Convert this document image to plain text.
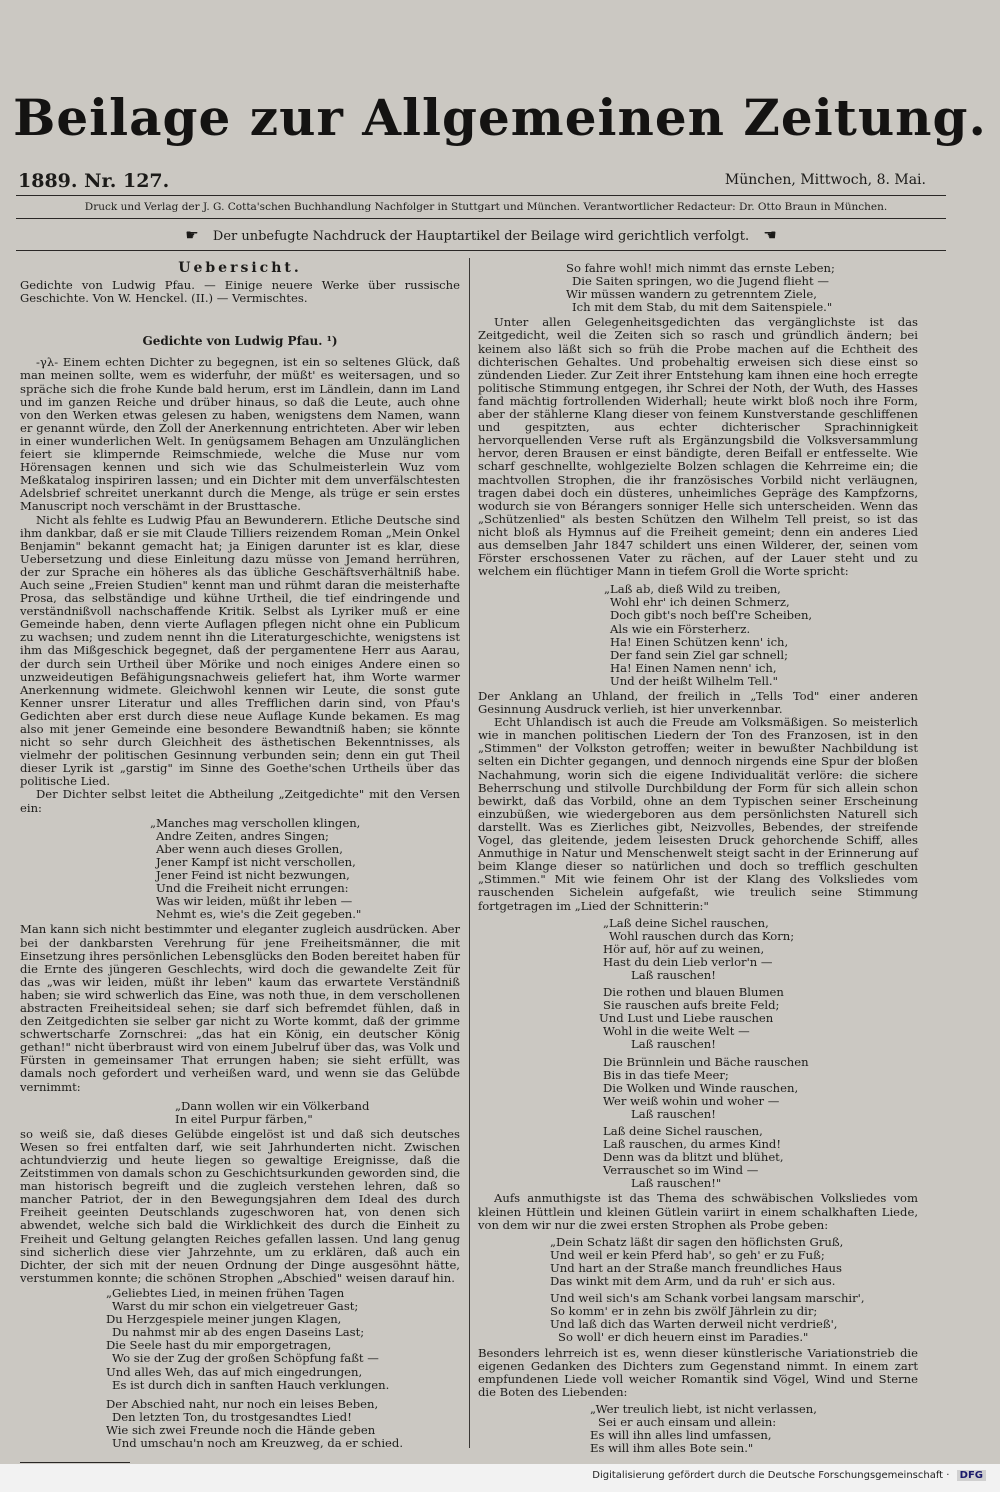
Beilage zur Allgemeinen Zeitung.
1889. Nr. 127.	München, Mittwoch, 8. Mai.
Druck und Verlag der J. G. Cotta'schen Buchhandlung Nachfolger in Stuttgart und München. Verantwortlicher Redacteur: Dr. Otto Braun in München.
☛ Der unbefugte Nachdruck der Hauptartikel der Beilage wird gerichtlich verfolgt. ☚
Uebersicht.

Gedichte von Ludwig Pfau. — Einige neuere Werke über russische Geschichte. Von W. Henckel. (II.) — Vermischtes.

Gedichte von Ludwig Pfau. ¹)

-γλ- Einem echten Dichter zu begegnen, ist ein so seltenes Glück, daß man meinen sollte, wem es widerfuhr, der müßt' es weitersagen, und so spräche sich die frohe Kunde bald herum, erst im Ländlein, dann im Land und im ganzen Reiche und drüber hinaus, so daß die Leute, auch ohne von den Werken etwas gelesen zu haben, wenigstens dem Namen, wann er genannt würde, den Zoll der Anerkennung entrichteten. Aber wir leben in einer wunderlichen Welt. In genügsamem Behagen am Unzulänglichen feiert sie klimpernde Reimschmiede, welche die Muse nur vom Hörensagen kennen und sich wie das Schulmeisterlein Wuz vom Meßkatalog inspiriren lassen; und ein Dichter mit dem unverfälschtesten Adelsbrief schreitet unerkannt durch die Menge, als trüge er sein erstes Manuscript noch verschämt in der Brusttasche.

Nicht als fehlte es Ludwig Pfau an Bewunderern. Etliche Deutsche sind ihm dankbar, daß er sie mit Claude Tilliers reizendem Roman „Mein Onkel Benjamin" bekannt gemacht hat; ja Einigen darunter ist es klar, diese Uebersetzung und diese Einleitung dazu müsse von Jemand herrühren, der zur Sprache ein höheres als das übliche Geschäftsverhältniß habe. Auch seine „Freien Studien" kennt man und rühmt daran die meisterhafte Prosa, das selbständige und kühne Urtheil, die tief eindringende und verständnißvoll nachschaffende Kritik. Selbst als Lyriker muß er eine Gemeinde haben, denn vierte Auflagen pflegen nicht ohne ein Publicum zu wachsen; und zudem nennt ihn die Literaturgeschichte, wenigstens ist ihm das Mißgeschick begegnet, daß der pergamentene Herr aus Aarau, der durch sein Urtheil über Mörike und noch einiges Andere einen so unzweideutigen Befähigungsnachweis geliefert hat, ihm Worte warmer Anerkennung widmete. Gleichwohl kennen wir Leute, die sonst gute Kenner unsrer Literatur und alles Trefflichen darin sind, von Pfau's Gedichten aber erst durch diese neue Auflage Kunde bekamen. Es mag also mit jener Gemeinde eine besondere Bewandtniß haben; sie könnte nicht so sehr durch Gleichheit des ästhetischen Bekenntnisses, als vielmehr der politischen Gesinnung verbunden sein; denn ein gut Theil dieser Lyrik ist „garstig" im Sinne des Goethe'schen Urtheils über das politische Lied.

Der Dichter selbst leitet die Abtheilung „Zeitgedichte" mit den Versen ein:

„Manches mag verschollen klingen,
Andre Zeiten, andres Singen;
Aber wenn auch dieses Grollen,
Jener Kampf ist nicht verschollen,
Jener Feind ist nicht bezwungen,
Und die Freiheit nicht errungen:
Was wir leiden, müßt ihr leben —
Nehmt es, wie's die Zeit gegeben."

Man kann sich nicht bestimmter und eleganter zugleich ausdrücken. Aber bei der dankbarsten Verehrung für jene Freiheitsmänner, die mit Einsetzung ihres persönlichen Lebensglücks den Boden bereitet haben für die Ernte des jüngeren Geschlechts, wird doch die gewandelte Zeit für das „was wir leiden, müßt ihr leben" kaum das erwartete Verständniß haben; sie wird schwerlich das Eine, was noth thue, in dem verschollenen abstracten Freiheitsideal sehen; sie darf sich befremdet fühlen, daß in den Zeitgedichten sie selber gar nicht zu Worte kommt, daß der grimme schwertscharfe Zornschrei: „das hat ein König, ein deutscher König gethan!" nicht überbraust wird von einem Jubelruf über das, was Volk und Fürsten in gemeinsamer That errungen haben; sie sieht erfüllt, was damals noch gefordert und verheißen ward, und wenn sie das Gelübde vernimmt:

„Dann wollen wir ein Völkerband
In eitel Purpur färben,"

so weiß sie, daß dieses Gelübde eingelöst ist und daß sich deutsches Wesen so frei entfalten darf, wie seit Jahrhunderten nicht. Zwischen achtundvierzig und heute liegen so gewaltige Ereignisse, daß die Zeitstimmen von damals schon zu Geschichtsurkunden geworden sind, die man historisch begreift und die zugleich verstehen lehren, daß so mancher Patriot, der in den Bewegungsjahren dem Ideal des durch Freiheit geeinten Deutschlands zugeschworen hat, von denen sich abwendet, welche sich bald die Wirklichkeit des durch die Einheit zu Freiheit und Geltung gelangten Reiches gefallen lassen. Und lang genug sind sicherlich diese vier Jahrzehnte, um zu erklären, daß auch ein Dichter, der sich mit der neuen Ordnung der Dinge ausgesöhnt hätte, verstummen konnte; die schönen Strophen „Abschied" weisen darauf hin.

„Geliebtes Lied, in meinen frühen Tagen
Warst du mir schon ein vielgetreuer Gast;
Du Herzgespiele meiner jungen Klagen,
Du nahmst mir ab des engen Daseins Last;
Die Seele hast du mir emporgetragen,
Wo sie der Zug der großen Schöpfung faßt —
Und alles Weh, das auf mich eingedrungen,
Es ist durch dich in sanften Hauch verklungen.
Der Abschied naht, nur noch ein leises Beben,
Den letzten Ton, du trostgesandtes Lied!
Wie sich zwei Freunde noch die Hände geben
Und umschau'n noch am Kreuzweg, da er schied.
So fahre wohl! mich nimmt das ernste Leben;
Die Saiten springen, wo die Jugend flieht —
Wir müssen wandern zu getrenntem Ziele,
Ich mit dem Stab, du mit dem Saitenspiele."

Unter allen Gelegenheitsgedichten das vergänglichste ist das Zeitgedicht, weil die Zeiten sich so rasch und gründlich ändern; bei keinem also läßt sich so früh die Probe machen auf die Echtheit des dichterischen Gehaltes. Und probehaltig erweisen sich diese einst so zündenden Lieder. Zur Zeit ihrer Entstehung kam ihnen eine hoch erregte politische Stimmung entgegen, ihr Schrei der Noth, der Wuth, des Hasses fand mächtig fortrollenden Widerhall; heute wirkt bloß noch ihre Form, aber der stählerne Klang dieser von feinem Kunstverstande geschliffenen und gespitzten, aus echter dichterischer Sprachinnigkeit hervorquellenden Verse ruft als Ergänzungsbild die Volksversammlung hervor, deren Brausen er einst bändigte, deren Beifall er entfesselte. Wie scharf geschnellte, wohlgezielte Bolzen schlagen die Kehrreime ein; die machtvollen Strophen, die ihr französisches Vorbild nicht verläugnen, tragen dabei doch ein düsteres, unheimliches Gepräge des Kampfzorns, wodurch sie von Bérangers sonniger Helle sich unterscheiden. Wenn das „Schützenlied" als besten Schützen den Wilhelm Tell preist, so ist das nicht bloß als Hymnus auf die Freiheit gemeint; denn ein anderes Lied aus demselben Jahr 1847 schildert uns einen Wilderer, der, seinen vom Förster erschossenen Vater zu rächen, auf der Lauer steht und zu welchem ein flüchtiger Mann in tiefem Groll die Worte spricht:

„Laß ab, dieß Wild zu treiben,
Wohl ehr' ich deinen Schmerz,
Doch gibt's noch beſſ're Scheiben,
Als wie ein Försterherz.
Ha! Einen Schützen kenn' ich,
Der fand sein Ziel gar schnell;
Ha! Einen Namen nenn' ich,
Und der heißt Wilhelm Tell."

Der Anklang an Uhland, der freilich in „Tells Tod" einer anderen Gesinnung Ausdruck verlieh, ist hier unverkennbar.

Echt Uhlandisch ist auch die Freude am Volksmäßigen. So meisterlich wie in manchen politischen Liedern der Ton des Franzosen, ist in den „Stimmen" der Volkston getroffen; weiter in bewußter Nachbildung ist selten ein Dichter gegangen, und dennoch nirgends eine Spur der bloßen Nachahmung, worin sich die eigene Individualität verlöre: die sichere Beherrschung und stilvolle Durchbildung der Form für sich allein schon bewirkt, daß das Vorbild, ohne an dem Typischen seiner Erscheinung einzubüßen, wie wiedergeboren aus dem persönlichsten Naturell sich darstellt. Was es Zierliches gibt, Neizvolles, Bebendes, der streifende Vogel, das gleitende, jedem leisesten Druck gehorchende Schiff, alles Anmuthige in Natur und Menschenwelt steigt sacht in der Erinnerung auf beim Klange dieser so natürlichen und doch so trefflich geschulten „Stimmen." Mit wie feinem Ohr ist der Klang des Volksliedes vom rauschenden Sichelein aufgefaßt, wie treulich seine Stimmung fortgetragen im „Lied der Schnitterin:"

„Laß deine Sichel rauschen,
Wohl rauschen durch das Korn;
Hör auf, hör auf zu weinen,
Hast du dein Lieb verlor'n —
Laß rauschen!
Die rothen und blauen Blumen
Sie rauschen aufs breite Feld;
Und Lust und Liebe rauschen
Wohl in die weite Welt —
Laß rauschen!
Die Brünnlein und Bäche rauschen
Bis in das tiefe Meer;
Die Wolken und Winde rauschen,
Wer weiß wohin und woher —
Laß rauschen!
Laß deine Sichel rauschen,
Laß rauschen, du armes Kind!
Denn was da blitzt und blühet,
Verrauschet so im Wind —
Laß rauschen!"

Aufs anmuthigste ist das Thema des schwäbischen Volksliedes vom kleinen Hüttlein und kleinen Gütlein variirt in einem schalkhaften Liede, von dem wir nur die zwei ersten Strophen als Probe geben:

„Dein Schatz läßt dir sagen den höflichsten Gruß,
Und weil er kein Pferd hab', so geh' er zu Fuß;
Und hart an der Straße manch freundliches Haus
Das winkt mit dem Arm, und da ruh' er sich aus.
Und weil sich's am Schank vorbei langsam marschir',
So komm' er in zehn bis zwölf Jährlein zu dir;
Und laß dich das Warten derweil nicht verdrieß',
So woll' er dich heuern einst im Paradies."

Besonders lehrreich ist es, wenn dieser künstlerische Variationstrieb die eigenen Gedanken des Dichters zum Gegenstand nimmt. In einem zart empfundenen Liede voll weicher Romantik sind Vögel, Wind und Sterne die Boten des Liebenden:

„Wer treulich liebt, ist nicht verlassen,
Sei er auch einsam und allein:
Es will ihn alles lind umfassen,
Es will ihm alles Bote sein."
Digitalisierung gefördert durch die Deutsche Forschungsgemeinschaft · DFG
